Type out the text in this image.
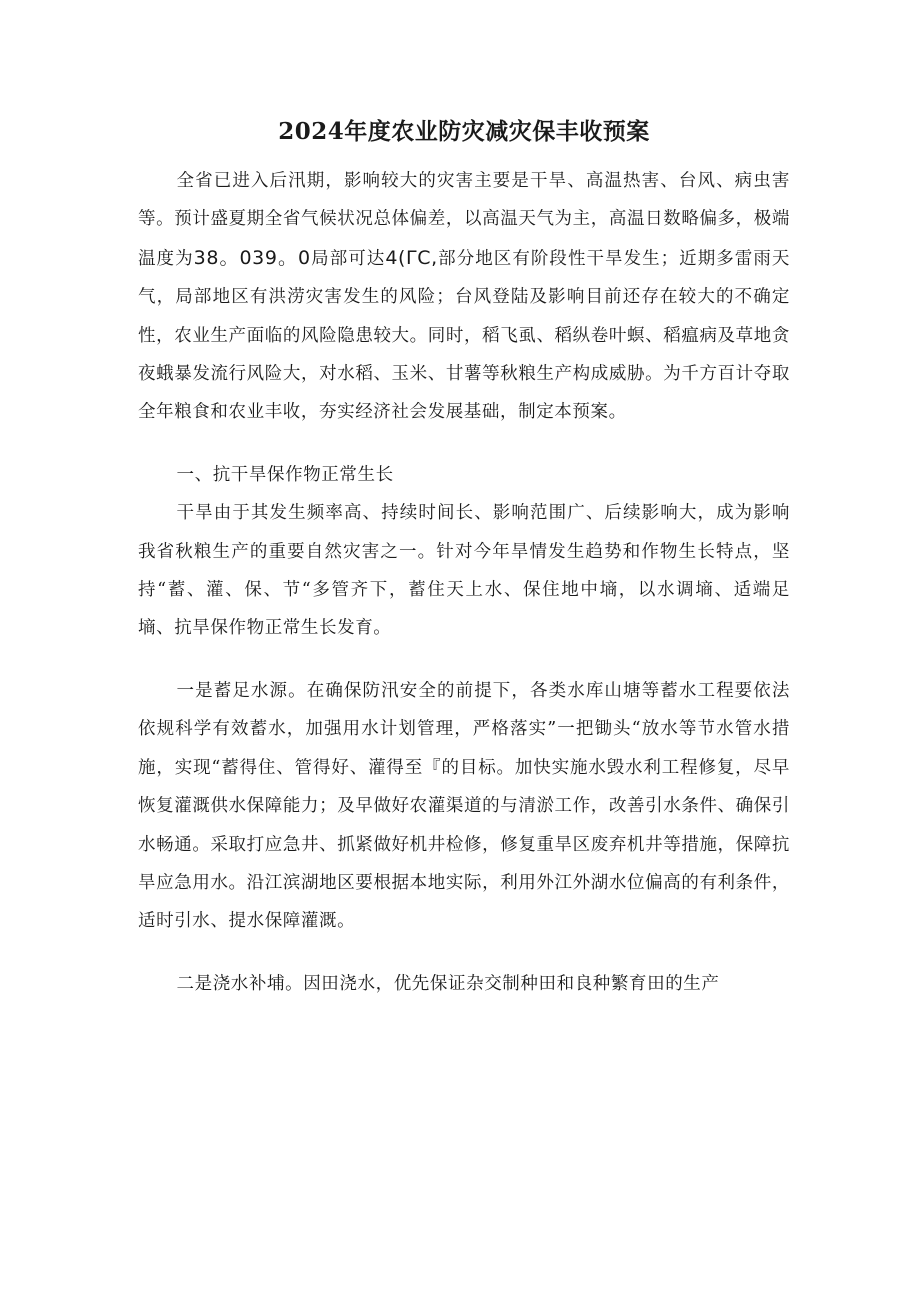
2024年度农业防灾减灾保丰收预案

全省已进入后汛期，影响较大的灾害主要是干旱、高温热害、台风、病虫害等。预计盛夏期全省气候状况总体偏差，以高温天气为主，高温日数略偏多，极端温度为38。039。0局部可达4(ΓC,部分地区有阶段性干旱发生；近期多雷雨天气，局部地区有洪涝灾害发生的风险；台风登陆及影响目前还存在较大的不确定性，农业生产面临的风险隐患较大。同时，稻飞虱、稻纵卷叶螟、稻瘟病及草地贪夜蛾暴发流行风险大，对水稻、玉米、甘薯等秋粮生产构成威胁。为千方百计夺取全年粮食和农业丰收，夯实经济社会发展基础，制定本预案。

一、抗干旱保作物正常生长

干旱由于其发生频率高、持续时间长、影响范围广、后续影响大，成为影响我省秋粮生产的重要自然灾害之一。针对今年旱情发生趋势和作物生长特点，坚持“蓄、灌、保、节“多管齐下，蓄住天上水、保住地中墒，以水调墒、适端足墒、抗旱保作物正常生长发育。

一是蓄足水源。在确保防汛安全的前提下，各类水库山塘等蓄水工程要依法依规科学有效蓄水，加强用水计划管理，严格落实”一把锄头“放水等节水管水措施，实现“蓄得住、管得好、灌得至『的目标。加快实施水毁水利工程修复，尽早恢复灌溉供水保障能力；及早做好农灌渠道的与清淤工作，改善引水条件、确保引水畅通。采取打应急井、抓紧做好机井检修，修复重旱区废弃机井等措施，保障抗旱应急用水。沿江滨湖地区要根据本地实际，利用外江外湖水位偏高的有利条件，适时引水、提水保障灌溉。

二是浇水补埔。因田浇水，优先保证杂交制种田和良种繁育田的生产
